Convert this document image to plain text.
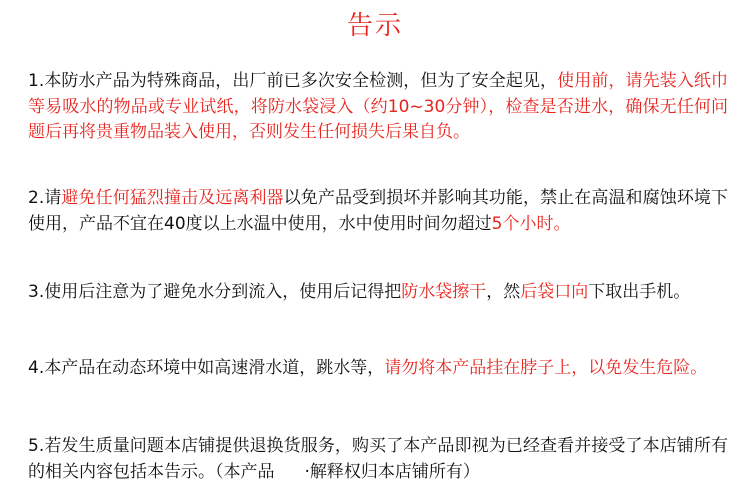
告示
1.本防水产品为特殊商品，出厂前已多次安全检测，但为了安全起见，使用前，请先装入纸巾等易吸水的物品或专业试纸，将防水袋浸入（约10~30分钟），检查是否进水，确保无任何问题后再将贵重物品装入使用，否则发生任何损失后果自负。
2.请避免任何猛烈撞击及远离利器以免产品受到损坏并影响其功能，禁止在高温和腐蚀环境下使用，产品不宜在40度以上水温中使用，水中使用时间勿超过5个小时。
3.使用后注意为了避免水分到流入，使用后记得把防水袋擦干，然后袋口向下取出手机。
4.本产品在动态环境中如高速滑水道，跳水等，请勿将本产品挂在脖子上，以免发生危险。
5.若发生质量问题本店铺提供退换货服务，购买了本产品即视为已经查看并接受了本店铺所有的相关内容包括本告示。（本产品 ·解释权归本店铺所有）
